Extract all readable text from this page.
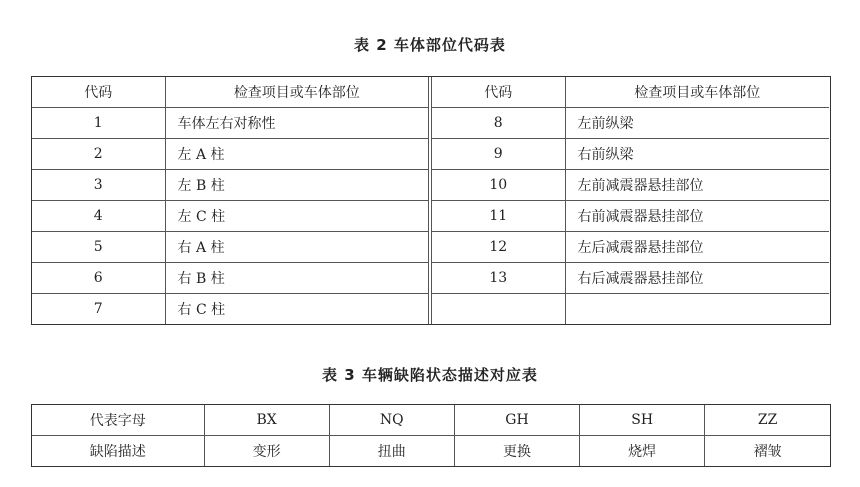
表 2 车体部位代码表
代码	检查项目或车体部位
1	车体左右对称性
2	左 A 柱
3	左 B 柱
4	左 C 柱
5	右 A 柱
6	右 B 柱
7	右 C 柱
代码	检查项目或车体部位
8	左前纵梁
9	右前纵梁
10	左前减震器悬挂部位
11	右前减震器悬挂部位
12	左后减震器悬挂部位
13	右后减震器悬挂部位

表 3 车辆缺陷状态描述对应表
代表字母	BX	NQ	GH	SH	ZZ
缺陷描述	变形	扭曲	更换	烧焊	褶皱
